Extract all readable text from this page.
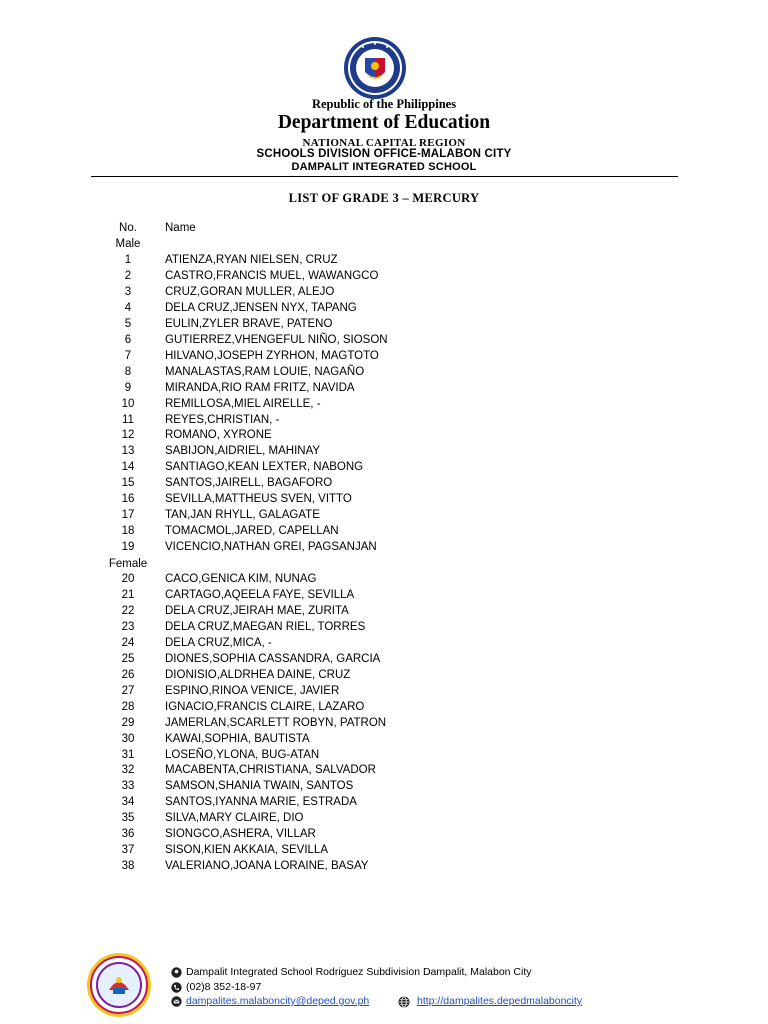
Republic of the Philippines
Department of Education
NATIONAL CAPITAL REGION
SCHOOLS DIVISION OFFICE-MALABON CITY
DAMPALIT INTEGRATED SCHOOL
LIST OF GRADE 3 – MERCURY
No.	Name
Male
1	ATIENZA,RYAN NIELSEN, CRUZ
2	CASTRO,FRANCIS MUEL, WAWANGCO
3	CRUZ,GORAN MULLER, ALEJO
4	DELA CRUZ,JENSEN NYX, TAPANG
5	EULIN,ZYLER BRAVE, PATENO
6	GUTIERREZ,VHENGEFUL NIÑO, SIOSON
7	HILVANO,JOSEPH ZYRHON, MAGTOTO
8	MANALASTAS,RAM LOUIE, NAGAÑO
9	MIRANDA,RIO RAM FRITZ, NAVIDA
10	REMILLOSA,MIEL AIRELLE, -
11	REYES,CHRISTIAN, -
12	ROMANO, XYRONE
13	SABIJON,AIDRIEL, MAHINAY
14	SANTIAGO,KEAN LEXTER, NABONG
15	SANTOS,JAIRELL, BAGAFORO
16	SEVILLA,MATTHEUS SVEN, VITTO
17	TAN,JAN RHYLL, GALAGATE
18	TOMACMOL,JARED, CAPELLAN
19	VICENCIO,NATHAN GREI, PAGSANJAN
Female
20	CACO,GENICA KIM, NUNAG
21	CARTAGO,AQEELA FAYE, SEVILLA
22	DELA CRUZ,JEIRAH MAE, ZURITA
23	DELA CRUZ,MAEGAN RIEL, TORRES
24	DELA CRUZ,MICA, -
25	DIONES,SOPHIA CASSANDRA, GARCIA
26	DIONISIO,ALDRHEA DAINE, CRUZ
27	ESPINO,RINOA VENICE, JAVIER
28	IGNACIO,FRANCIS CLAIRE, LAZARO
29	JAMERLAN,SCARLETT ROBYN, PATRON
30	KAWAI,SOPHIA, BAUTISTA
31	LOSEÑO,YLONA, BUG-ATAN
32	MACABENTA,CHRISTIANA, SALVADOR
33	SAMSON,SHANIA TWAIN, SANTOS
34	SANTOS,IYANNA MARIE, ESTRADA
35	SILVA,MARY CLAIRE, DIO
36	SIONGCO,ASHERA, VILLAR
37	SISON,KIEN AKKAIA, SEVILLA
38	VALERIANO,JOANA LORAINE, BASAY
Dampalit Integrated School Rodriguez Subdivision Dampalit, Malabon City
(02)8 352-18-97
dampalites.malaboncity@deped.gov.ph	http://dampalites.depedmalaboncity
